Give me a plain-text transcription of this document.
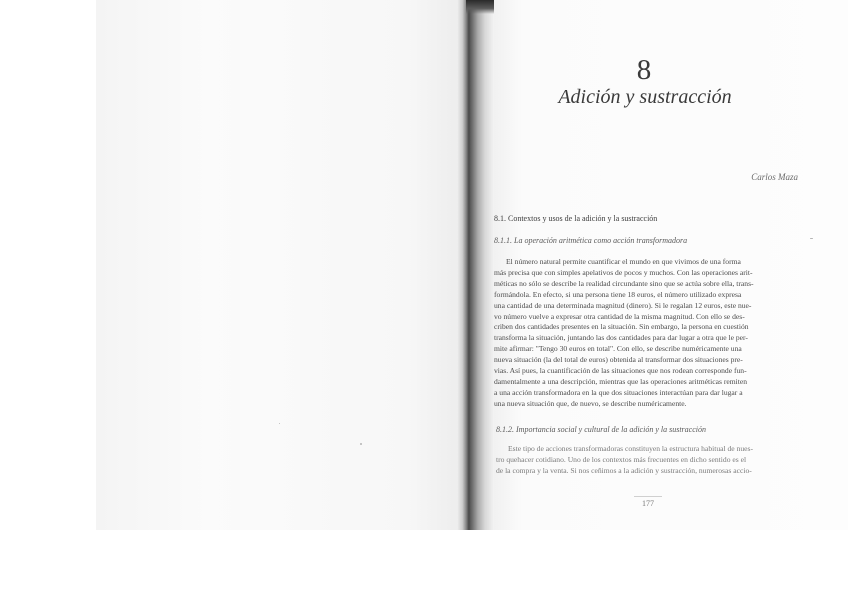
8
Adición y sustracción
Carlos Maza
8.1. Contextos y usos de la adición y la sustracción
8.1.1. La operación aritmética como acción transformadora
El número natural permite cuantificar el mundo en que vivimos de una forma
más precisa que con simples apelativos de pocos y muchos. Con las operaciones arit-
méticas no sólo se describe la realidad circundante sino que se actúa sobre ella, trans-
formándola. En efecto, si una persona tiene 18 euros, el número utilizado expresa
una cantidad de una determinada magnitud (dinero). Si le regalan 12 euros, este nue-
vo número vuelve a expresar otra cantidad de la misma magnitud. Con ello se des-
criben dos cantidades presentes en la situación. Sin embargo, la persona en cuestión
transforma la situación, juntando las dos cantidades para dar lugar a otra que le per-
mite afirmar: "Tengo 30 euros en total". Con ello, se describe numéricamente una
nueva situación (la del total de euros) obtenida al transformar dos situaciones pre-
vias. Así pues, la cuantificación de las situaciones que nos rodean corresponde fun-
damentalmente a una descripción, mientras que las operaciones aritméticas remiten
a una acción transformadora en la que dos situaciones interactúan para dar lugar a
una nueva situación que, de nuevo, se describe numéricamente.
8.1.2. Importancia social y cultural de la adición y la sustracción
Este tipo de acciones transformadoras constituyen la estructura habitual de nues-
tro quehacer cotidiano. Uno de los contextos más frecuentes en dicho sentido es el
de la compra y la venta. Si nos ceñimos a la adición y sustracción, numerosas accio-
177
